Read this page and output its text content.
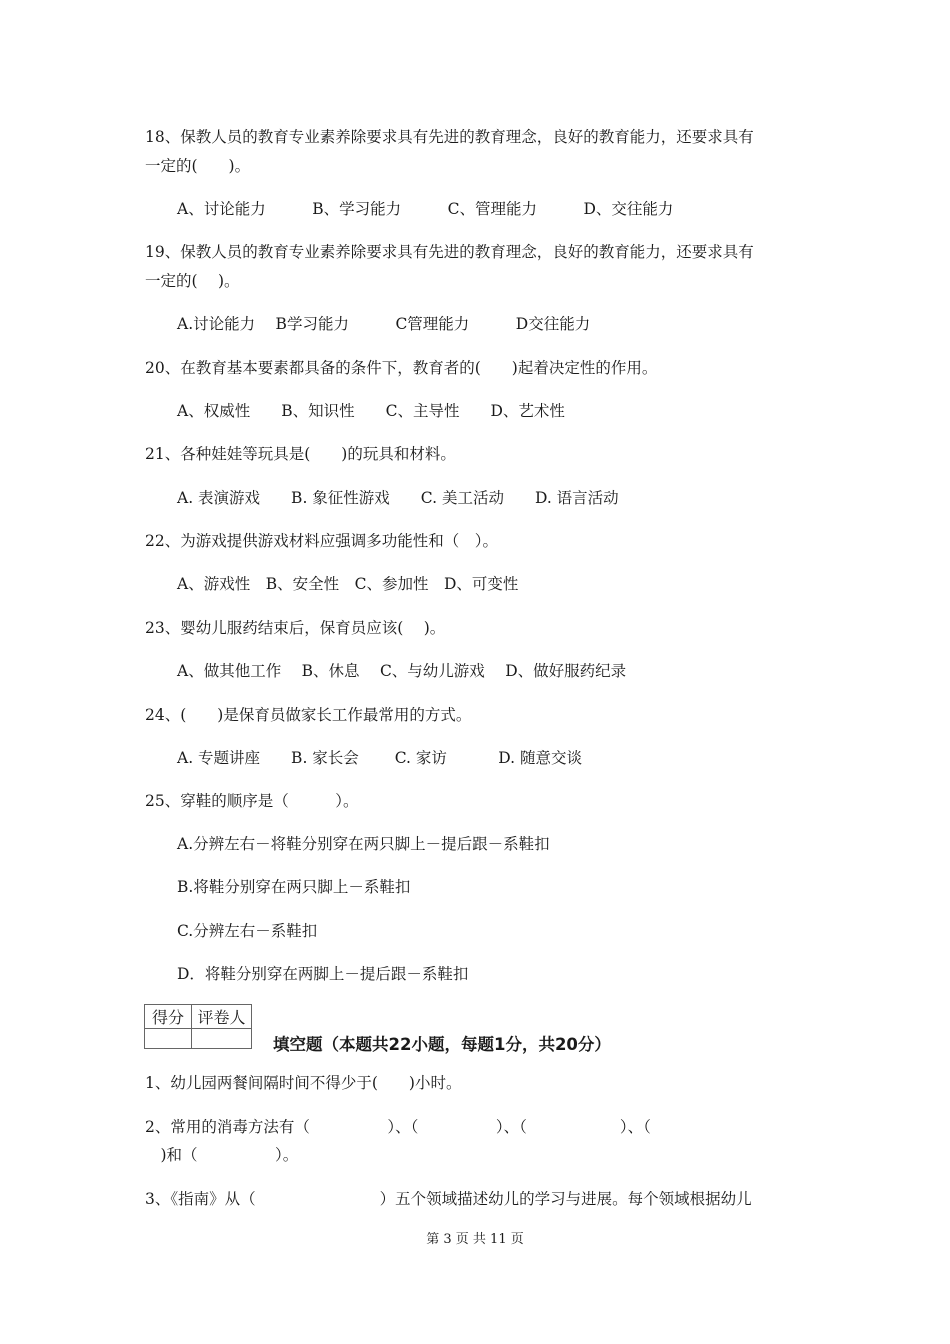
18、保教人员的教育专业素养除要求具有先进的教育理念，良好的教育能力，还要求具有
一定的(　　)。
A、讨论能力　　　B、学习能力　　　C、管理能力　　　D、交往能力
19、保教人员的教育专业素养除要求具有先进的教育理念，良好的教育能力，还要求具有
一定的(　 )。
A.讨论能力　 B学习能力　　　C管理能力　　　D交往能力
20、在教育基本要素都具备的条件下，教育者的(　　)起着决定性的作用。
A、权威性　　B、知识性　　C、主导性　　D、艺术性
21、各种娃娃等玩具是(　　)的玩具和材料。
A. 表演游戏　　B. 象征性游戏　　C. 美工活动　　D. 语言活动
22、为游戏提供游戏材料应强调多功能性和（　）。
A、游戏性　B、安全性　C、参加性　D、可变性
23、婴幼儿服药结束后，保育员应该(　 )。
A、做其他工作　 B、休息　 C、与幼儿游戏　 D、做好服药纪录
24、(　　)是保育员做家长工作最常用的方式。
A. 专题讲座　　B. 家长会　　 C. 家访　　　 D. 随意交谈
25、穿鞋的顺序是（　　　）。
A.分辨左右－将鞋分别穿在两只脚上－提后跟－系鞋扣
B.将鞋分别穿在两只脚上－系鞋扣
C.分辨左右－系鞋扣
D．将鞋分别穿在两脚上－提后跟－系鞋扣
得分	评卷人

填空题（本题共22小题，每题1分，共20分）
1、幼儿园两餐间隔时间不得少于(　　)小时。
2、常用的消毒方法有（　　　　　）、（　　　　　）、（　　　　　　）、（
　)和（　　　　　）。
3、《指南》从（　　　　　　　　）五个领域描述幼儿的学习与进展。每个领域根据幼儿
第 3 页 共 11 页
